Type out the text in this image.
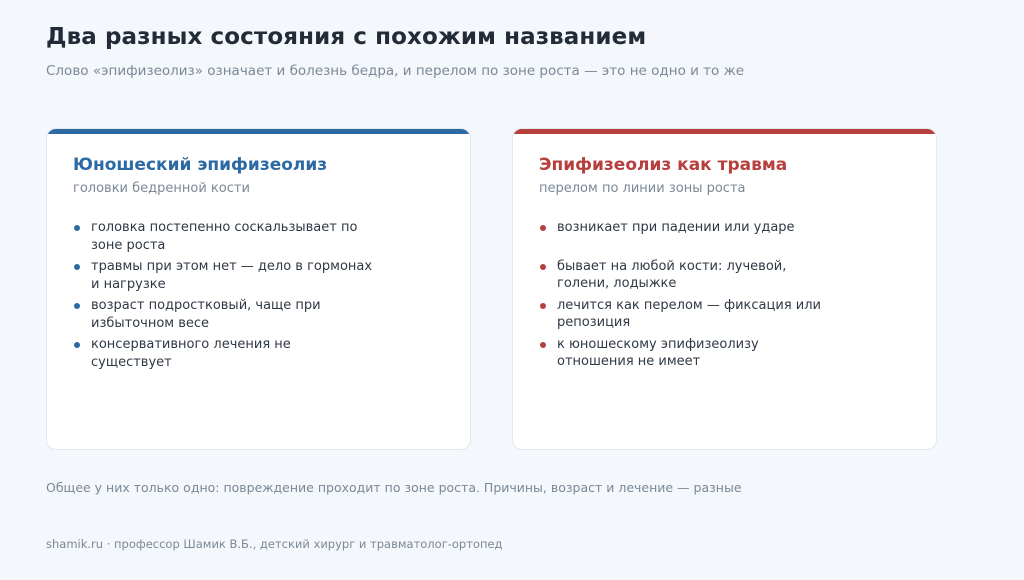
Два разных состояния с похожим названием
Слово «эпифизеолиз» означает и болезнь бедра, и перелом по зоне роста — это не одно и то же
Юношеский эпифизеолиз
головки бедренной кости
головка постепенно соскальзывает по зоне роста
травмы при этом нет — дело в гормонах и нагрузке
возраст подростковый, чаще при избыточном весе
консервативного лечения не существует
Эпифизеолиз как травма
перелом по линии зоны роста
возникает при падении или ударе
бывает на любой кости: лучевой, голени, лодыжке
лечится как перелом — фиксация или репозиция
к юношескому эпифизеолизу отношения не имеет
Общее у них только одно: повреждение проходит по зоне роста. Причины, возраст и лечение — разные
shamik.ru · профессор Шамик В.Б., детский хирург и травматолог-ортопед
